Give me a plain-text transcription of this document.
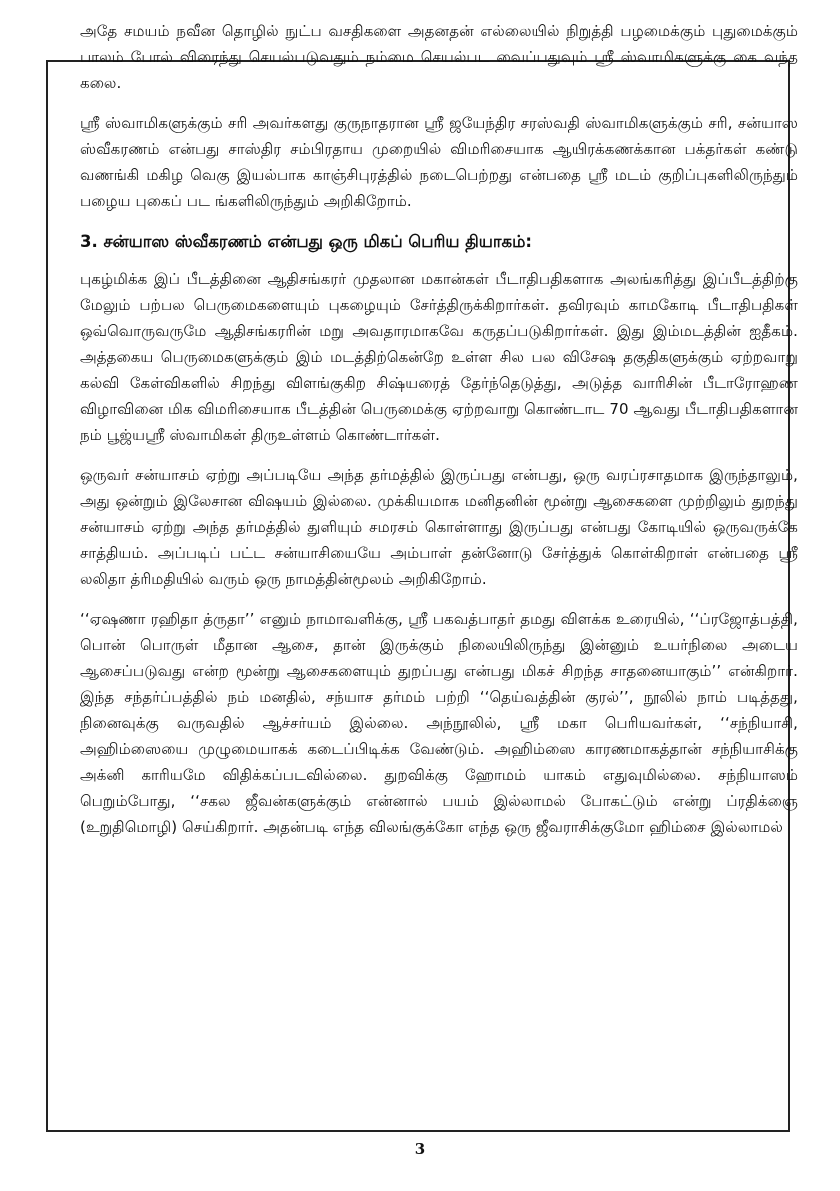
அதே சமயம் நவீன தொழில் நுட்ப வசதிகளை அதனதன் எல்லையில் நிறுத்தி பழமைக்கும் புதுமைக்கும் பாலம் போல் விரைந்து செயல்படுவதும் நம்மை செயல்பட வைப்பதுவும் ஸ்ரீ ஸ்வாமிகளுக்கு கை வந்த கலை.

ஸ்ரீ ஸ்வாமிகளுக்கும் சரி அவர்களது குருநாதரான ஸ்ரீ ஜயேந்திர சரஸ்வதி ஸ்வாமிகளுக்கும் சரி, சன்யாஸ ஸ்வீகரணம் என்பது சாஸ்திர சம்பிரதாய முறையில் விமரிசையாக ஆயிரக்கணக்கான பக்தர்கள் கண்டு வணங்கி மகிழ வெகு இயல்பாக காஞ்சிபுரத்தில் நடைபெற்றது என்பதை ஸ்ரீ மடம் குறிப்புகளிலிருந்தும் பழைய புகைப் பட ங்களிலிருந்தும் அறிகிறோம்.

3. சன்யாஸ ஸ்வீகரணம் என்பது ஒரு மிகப் பெரிய தியாகம்:

புகழ்மிக்க இப் பீடத்தினை ஆதிசங்கரர் முதலான மகான்கள் பீடாதிபதிகளாக அலங்கரித்து இப்பீடத்திற்கு மேலும் பற்பல பெருமைகளையும் புகழையும் சேர்த்திருக்கிறார்கள். தவிரவும் காமகோடி பீடாதிபதிகள் ஒவ்வொருவருமே ஆதிசங்கரரின் மறு அவதாரமாகவே கருதப்படுகிறார்கள். இது இம்மடத்தின் ஐதீகம். அத்தகைய பெருமைகளுக்கும் இம் மடத்திற்கென்றே உள்ள சில பல விசேஷ தகுதிகளுக்கும் ஏற்றவாறு கல்வி கேள்விகளில் சிறந்து விளங்குகிற சிஷ்யரைத் தேர்ந்தெடுத்து, அடுத்த வாரிசின் பீடாரோஹண விழாவினை மிக விமரிசையாக பீடத்தின் பெருமைக்கு ஏற்றவாறு கொண்டாட 70 ஆவது பீடாதிபதிகளான நம் பூஜ்யஸ்ரீ ஸ்வாமிகள் திருஉள்ளம் கொண்டார்கள்.

ஒருவர் சன்யாசம் ஏற்று அப்படியே அந்த தர்மத்தில் இருப்பது என்பது, ஒரு வரப்ரசாதமாக இருந்தாலும், அது ஒன்றும் இலேசான விஷயம் இல்லை. முக்கியமாக மனிதனின் மூன்று ஆசைகளை முற்றிலும் துறந்து சன்யாசம் ஏற்று அந்த தர்மத்தில் துளியும் சமரசம் கொள்ளாது இருப்பது என்பது கோடியில் ஒருவருக்கே சாத்தியம். அப்படிப் பட்ட சன்யாசியையே அம்பாள் தன்னோடு சேர்த்துக் கொள்கிறாள் என்பதை ஸ்ரீ லலிதா த்ரிமதியில் வரும் ஒரு நாமத்தின்மூலம் அறிகிறோம்.

‘‘ஏஷணா ரஹிதா த்ருதா’’ எனும் நாமாவளிக்கு, ஸ்ரீ பகவத்பாதர் தமது விளக்க உரையில், ‘‘ப்ரஜோத்பத்தி, பொன் பொருள் மீதான ஆசை, தான் இருக்கும் நிலையிலிருந்து இன்னும் உயர்நிலை அடைய ஆசைப்படுவது என்ற மூன்று ஆசைகளையும் துறப்பது என்பது மிகச் சிறந்த சாதனையாகும்’’ என்கிறார். இந்த சந்தர்ப்பத்தில் நம் மனதில், சந்யாச தர்மம் பற்றி ‘‘தெய்வத்தின் குரல்’’, நூலில் நாம் படித்தது, நினைவுக்கு வருவதில் ஆச்சர்யம் இல்லை. அந்நூலில், ஸ்ரீ மகா பெரியவர்கள், ‘‘சந்நியாசி, அஹிம்ஸையை முழுமையாகக் கடைப்பிடிக்க வேண்டும். அஹிம்ஸை காரணமாகத்தான் சந்நியாசிக்கு அக்னி காரியமே விதிக்கப்படவில்லை. துறவிக்கு ஹோமம் யாகம் எதுவுமில்லை. சந்நியாஸம் பெறும்போது, ‘‘சகல ஜீவன்களுக்கும் என்னால் பயம் இல்லாமல் போகட்டும் என்று ப்ரதிக்ஞை (உறுதிமொழி) செய்கிறார். அதன்படி எந்த விலங்குக்கோ எந்த ஒரு ஜீவராசிக்குமோ ஹிம்சை இல்லாமல்

3
